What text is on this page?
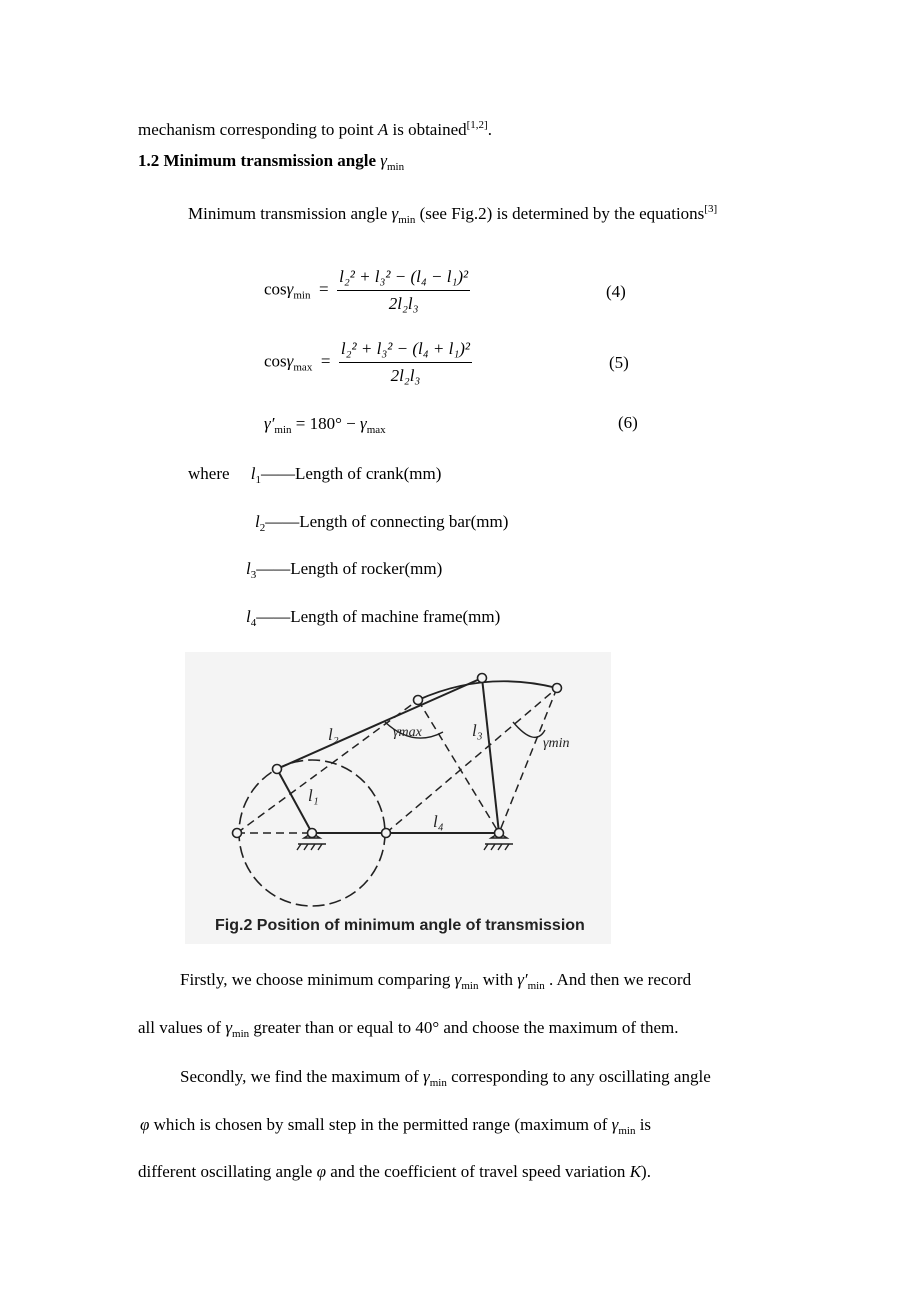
mechanism corresponding to point A is obtained[1,2].
1.2 Minimum transmission angle $\gamma_{min}$
Minimum transmission angle $\gamma_{min}$ (see Fig.2) is determined by the equations[3]
$\cos\gamma_{min} = \frac{\text{l₂² + l₃² − (l₄ − l₁)²}}{\text{2l₂l₃}}$	(4)
$\cos\gamma_{max} = \frac{\text{l₂² + l₃² − (l₄ + l₁)²}}{\text{2l₂l₃}}$	(5)
$\gamma'_{min} = 180^\circ - \gamma_{max}$	(6)
where $l_1——Length$ of crank(mm)
$l_2——Length$ of connecting bar(mm)
$l_3——Length$ of rocker(mm)
$l_4——Length$ of machine frame(mm)
l₂
l₁
l₄
l₃
γmax
γmin
Fig.2 Position of minimum angle of transmission
Firstly, we choose minimum comparing $\gamma_{min}$ with $\gamma'_{min}$ . And then we record
all values of $\gamma_{min}$ greater than or equal to 40° and choose the maximum of them.
Secondly, we find the maximum of $\gamma_{min}$ corresponding to any oscillating angle
φ which is chosen by small step in the permitted range (maximum of $\gamma_{min}$ is
different oscillating angle φ and the coefficient of travel speed variation K).
